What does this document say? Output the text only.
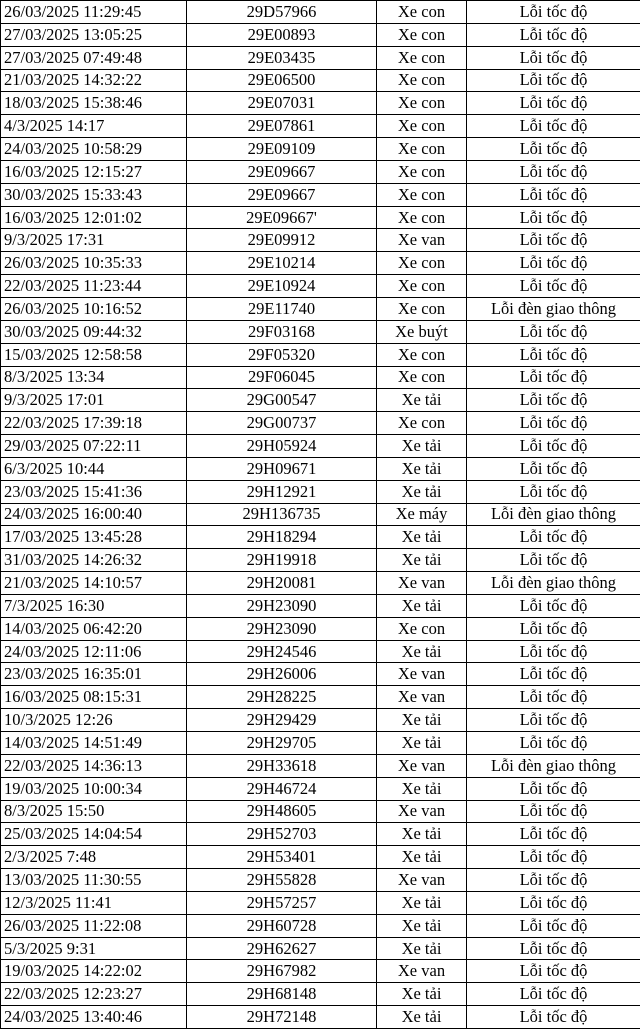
26/03/2025 11:29:45	29D57966	Xe con	Lỗi tốc độ
27/03/2025 13:05:25	29E00893	Xe con	Lỗi tốc độ
27/03/2025 07:49:48	29E03435	Xe con	Lỗi tốc độ
21/03/2025 14:32:22	29E06500	Xe con	Lỗi tốc độ
18/03/2025 15:38:46	29E07031	Xe con	Lỗi tốc độ
4/3/2025 14:17	29E07861	Xe con	Lỗi tốc độ
24/03/2025 10:58:29	29E09109	Xe con	Lỗi tốc độ
16/03/2025 12:15:27	29E09667	Xe con	Lỗi tốc độ
30/03/2025 15:33:43	29E09667	Xe con	Lỗi tốc độ
16/03/2025 12:01:02	29E09667'	Xe con	Lỗi tốc độ
9/3/2025 17:31	29E09912	Xe van	Lỗi tốc độ
26/03/2025 10:35:33	29E10214	Xe con	Lỗi tốc độ
22/03/2025 11:23:44	29E10924	Xe con	Lỗi tốc độ
26/03/2025 10:16:52	29E11740	Xe con	Lỗi đèn giao thông
30/03/2025 09:44:32	29F03168	Xe buýt	Lỗi tốc độ
15/03/2025 12:58:58	29F05320	Xe con	Lỗi tốc độ
8/3/2025 13:34	29F06045	Xe con	Lỗi tốc độ
9/3/2025 17:01	29G00547	Xe tải	Lỗi tốc độ
22/03/2025 17:39:18	29G00737	Xe con	Lỗi tốc độ
29/03/2025 07:22:11	29H05924	Xe tải	Lỗi tốc độ
6/3/2025 10:44	29H09671	Xe tải	Lỗi tốc độ
23/03/2025 15:41:36	29H12921	Xe tải	Lỗi tốc độ
24/03/2025 16:00:40	29H136735	Xe máy	Lỗi đèn giao thông
17/03/2025 13:45:28	29H18294	Xe tải	Lỗi tốc độ
31/03/2025 14:26:32	29H19918	Xe tải	Lỗi tốc độ
21/03/2025 14:10:57	29H20081	Xe van	Lỗi đèn giao thông
7/3/2025 16:30	29H23090	Xe tải	Lỗi tốc độ
14/03/2025 06:42:20	29H23090	Xe con	Lỗi tốc độ
24/03/2025 12:11:06	29H24546	Xe tải	Lỗi tốc độ
23/03/2025 16:35:01	29H26006	Xe van	Lỗi tốc độ
16/03/2025 08:15:31	29H28225	Xe van	Lỗi tốc độ
10/3/2025 12:26	29H29429	Xe tải	Lỗi tốc độ
14/03/2025 14:51:49	29H29705	Xe tải	Lỗi tốc độ
22/03/2025 14:36:13	29H33618	Xe van	Lỗi đèn giao thông
19/03/2025 10:00:34	29H46724	Xe tải	Lỗi tốc độ
8/3/2025 15:50	29H48605	Xe van	Lỗi tốc độ
25/03/2025 14:04:54	29H52703	Xe tải	Lỗi tốc độ
2/3/2025 7:48	29H53401	Xe tải	Lỗi tốc độ
13/03/2025 11:30:55	29H55828	Xe van	Lỗi tốc độ
12/3/2025 11:41	29H57257	Xe tải	Lỗi tốc độ
26/03/2025 11:22:08	29H60728	Xe tải	Lỗi tốc độ
5/3/2025 9:31	29H62627	Xe tải	Lỗi tốc độ
19/03/2025 14:22:02	29H67982	Xe van	Lỗi tốc độ
22/03/2025 12:23:27	29H68148	Xe tải	Lỗi tốc độ
24/03/2025 13:40:46	29H72148	Xe tải	Lỗi tốc độ
